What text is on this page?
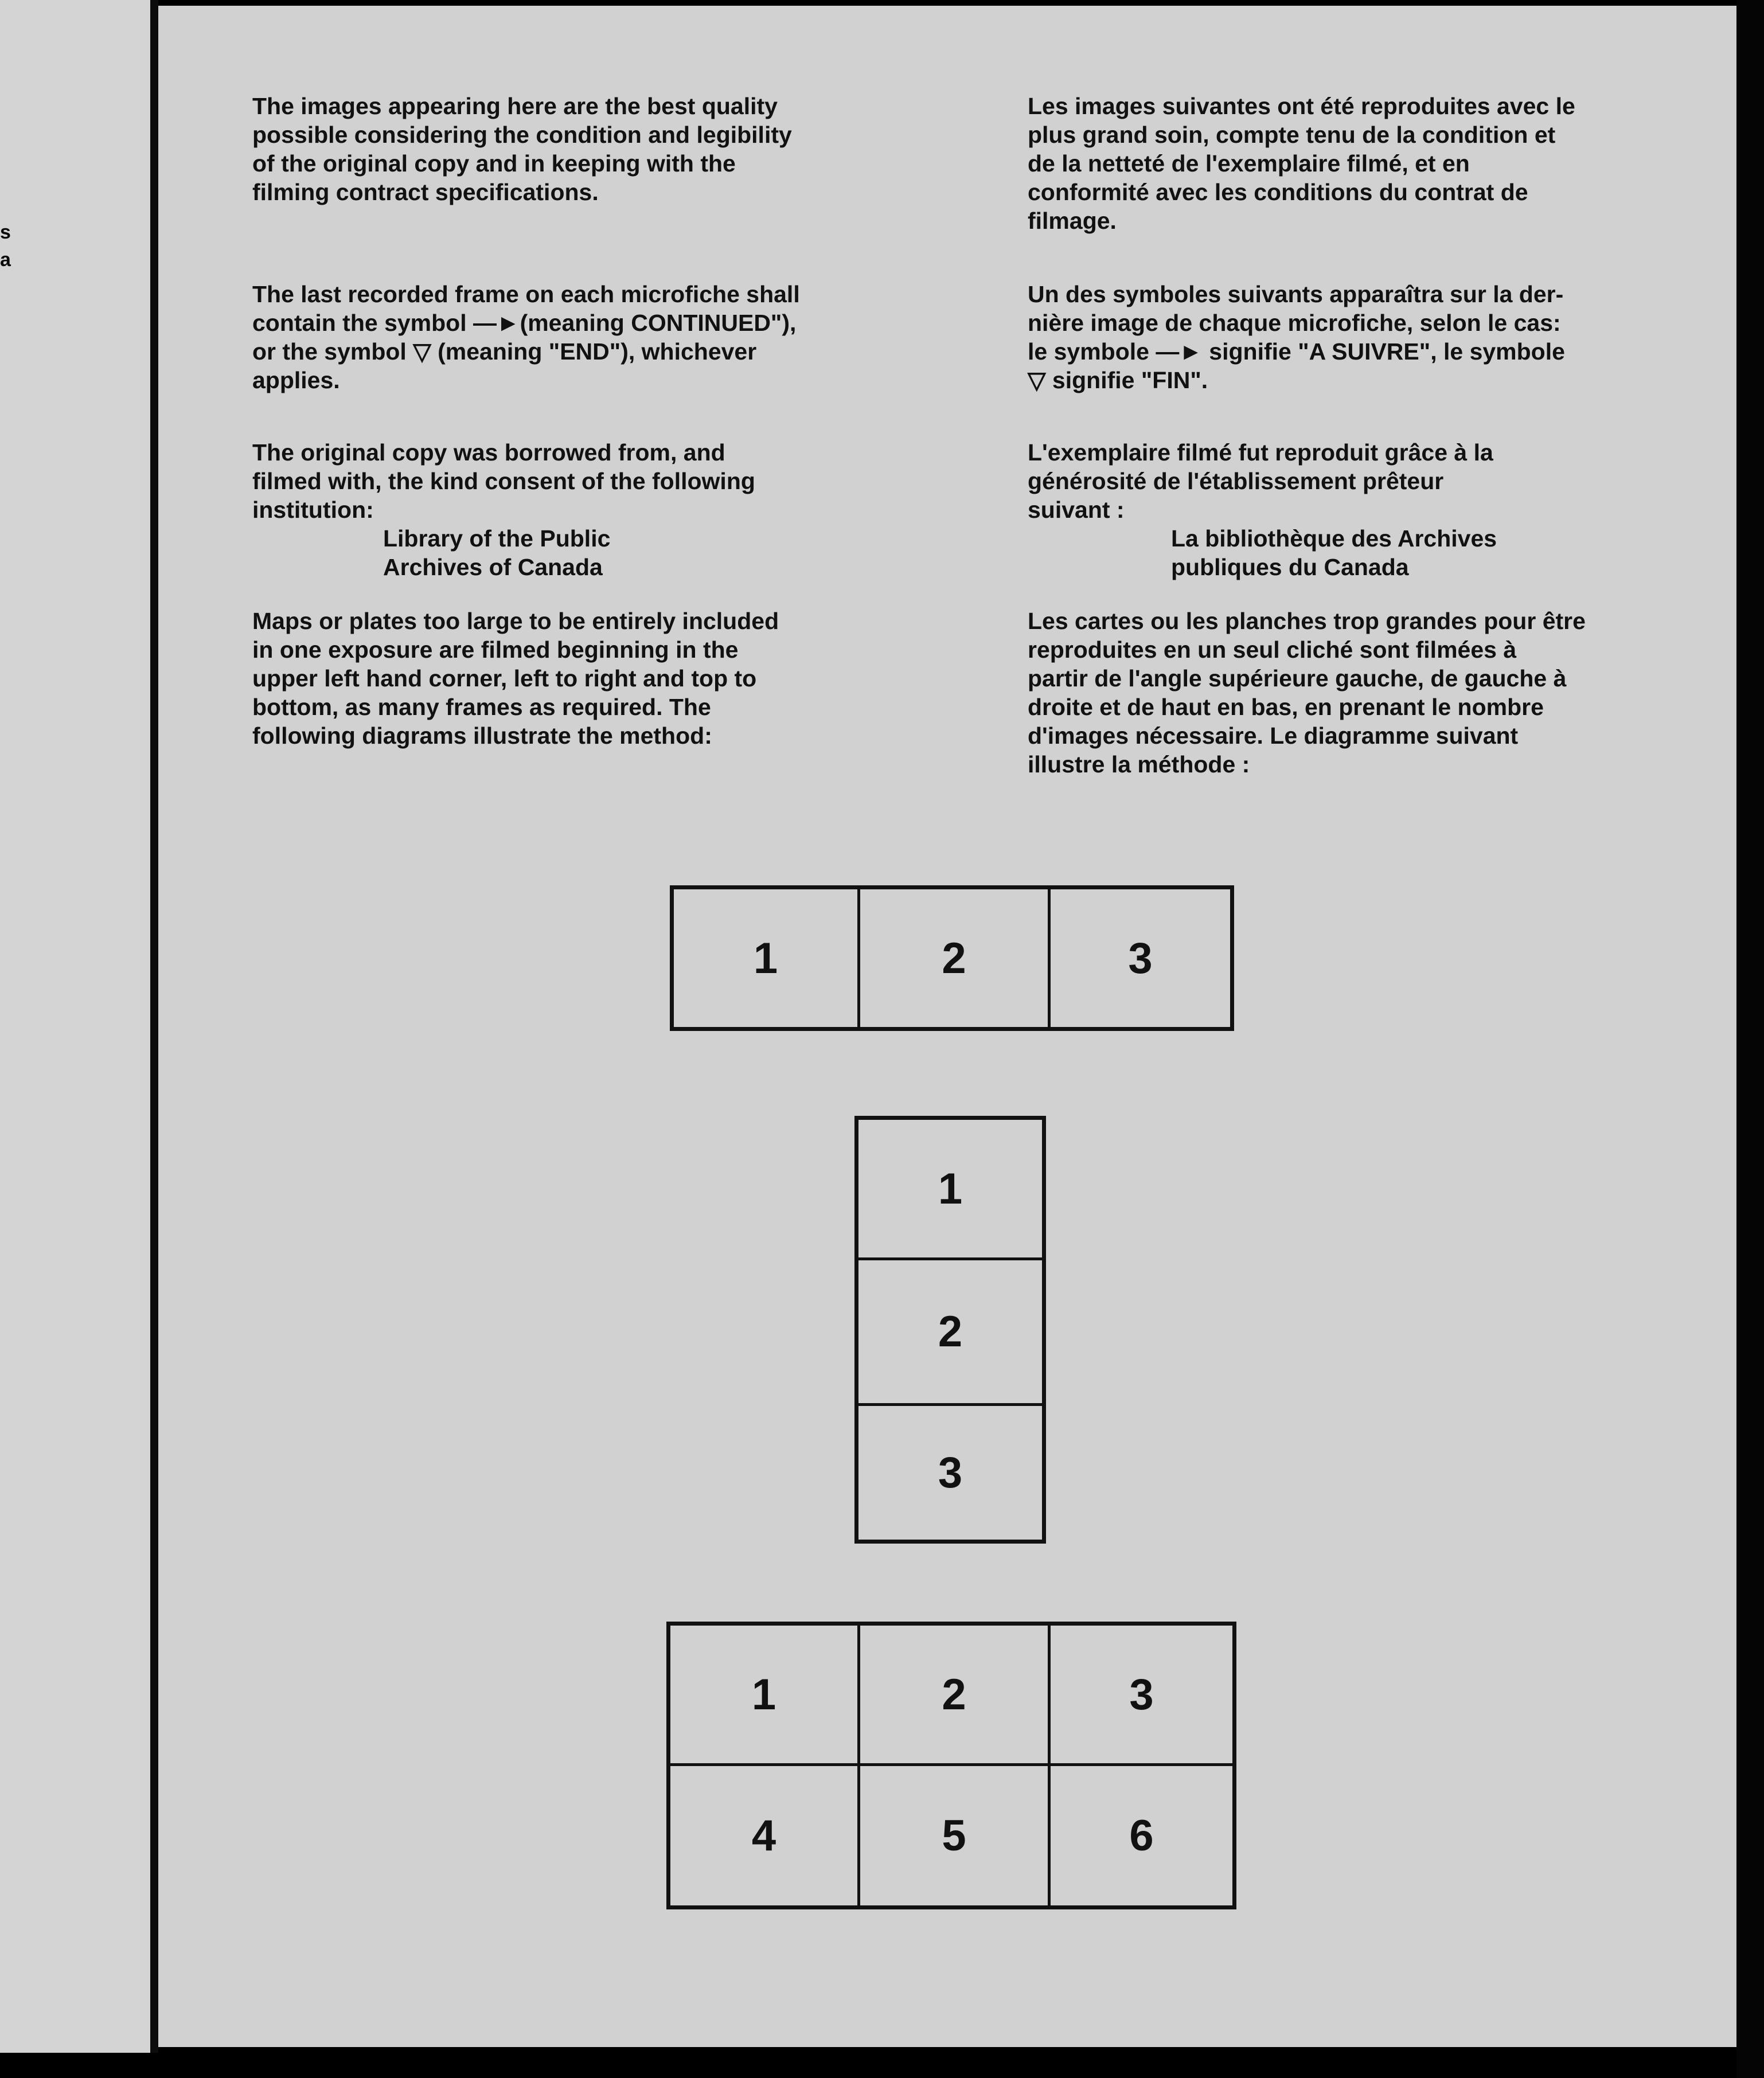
s
a

The images appearing here are the best quality

possible considering the condition and legibility

of the original copy and in keeping with the

filming contract specifications.

The last recorded frame on each microfiche shall

contain the symbol —►(meaning CONTINUED"),

or the symbol ▽ (meaning "END"), whichever

applies.

The original copy was borrowed from, and

filmed with, the kind consent of the following

institution:

Library of the Public
Archives of Canada

Maps or plates too large to be entirely included

in one exposure are filmed beginning in the

upper left hand corner, left to right and top to

bottom, as many frames as required. The

following diagrams illustrate the method:

Les images suivantes ont été reproduites avec le

plus grand soin, compte tenu de la condition et

de la netteté de l'exemplaire filmé, et en

conformité avec les conditions du contrat de

filmage.

Un des symboles suivants apparaîtra sur la der-

nière image de chaque microfiche, selon le cas:

le symbole —► signifie "A SUIVRE", le symbole

▽ signifie "FIN".

L'exemplaire filmé fut reproduit grâce à la

générosité de l'établissement prêteur

suivant :

La bibliothèque des Archives
publiques du Canada

Les cartes ou les planches trop grandes pour être

reproduites en un seul cliché sont filmées à

partir de l'angle supérieure gauche, de gauche à

droite et de haut en bas, en prenant le nombre

d'images nécessaire. Le diagramme suivant

illustre la méthode :

1	2	3
1
2
3
1	2	3
4	5	6
